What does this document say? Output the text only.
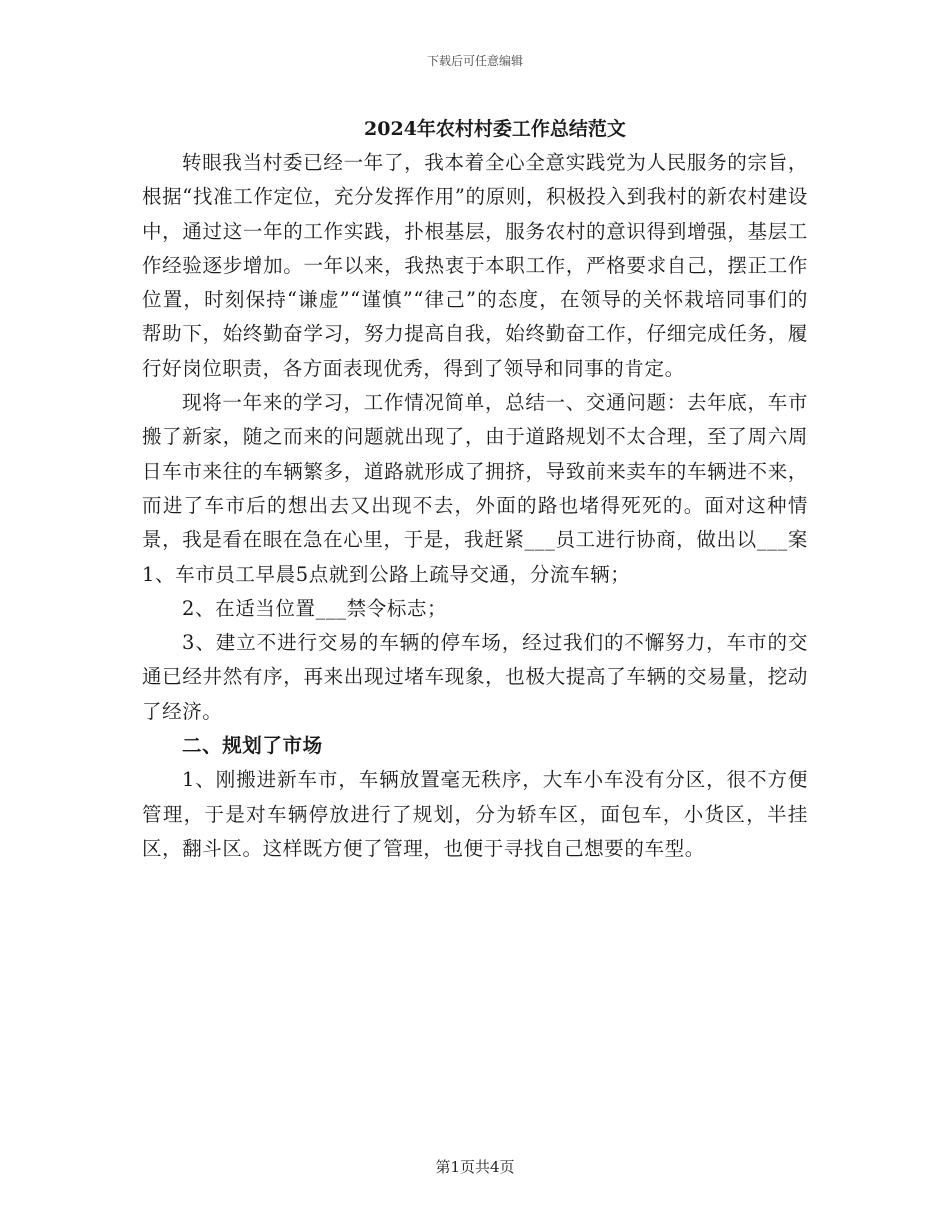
下载后可任意编辑
2024年农村村委工作总结范文

转眼我当村委已经一年了，我本着全心全意实践党为人民服务的宗旨，根据“找准工作定位，充分发挥作用”的原则，积极投入到我村的新农村建设中，通过这一年的工作实践，扑根基层，服务农村的意识得到增强，基层工作经验逐步增加。一年以来，我热衷于本职工作，严格要求自己，摆正工作位置，时刻保持“谦虚”“谨慎”“律己”的态度，在领导的关怀栽培同事们的帮助下，始终勤奋学习，努力提高自我，始终勤奋工作，仔细完成任务，履行好岗位职责，各方面表现优秀，得到了领导和同事的肯定。

现将一年来的学习，工作情况简单，总结一、交通问题：去年底，车市搬了新家，随之而来的问题就出现了，由于道路规划不太合理，至了周六周日车市来往的车辆繁多，道路就形成了拥挤，导致前来卖车的车辆进不来，而进了车市后的想出去又出现不去，外面的路也堵得死死的。面对这种情景，我是看在眼在急在心里，于是，我赶紧___员工进行协商，做出以___案1、车市员工早晨5点就到公路上疏导交通，分流车辆；

2、在适当位置___禁令标志；

3、建立不进行交易的车辆的停车场，经过我们的不懈努力，车市的交通已经井然有序，再来出现过堵车现象，也极大提高了车辆的交易量，挖动了经济。

二、规划了市场

1、刚搬进新车市，车辆放置毫无秩序，大车小车没有分区，很不方便管理，于是对车辆停放进行了规划，分为轿车区，面包车，小货区，半挂区，翻斗区。这样既方便了管理，也便于寻找自己想要的车型。

第1页共4页
